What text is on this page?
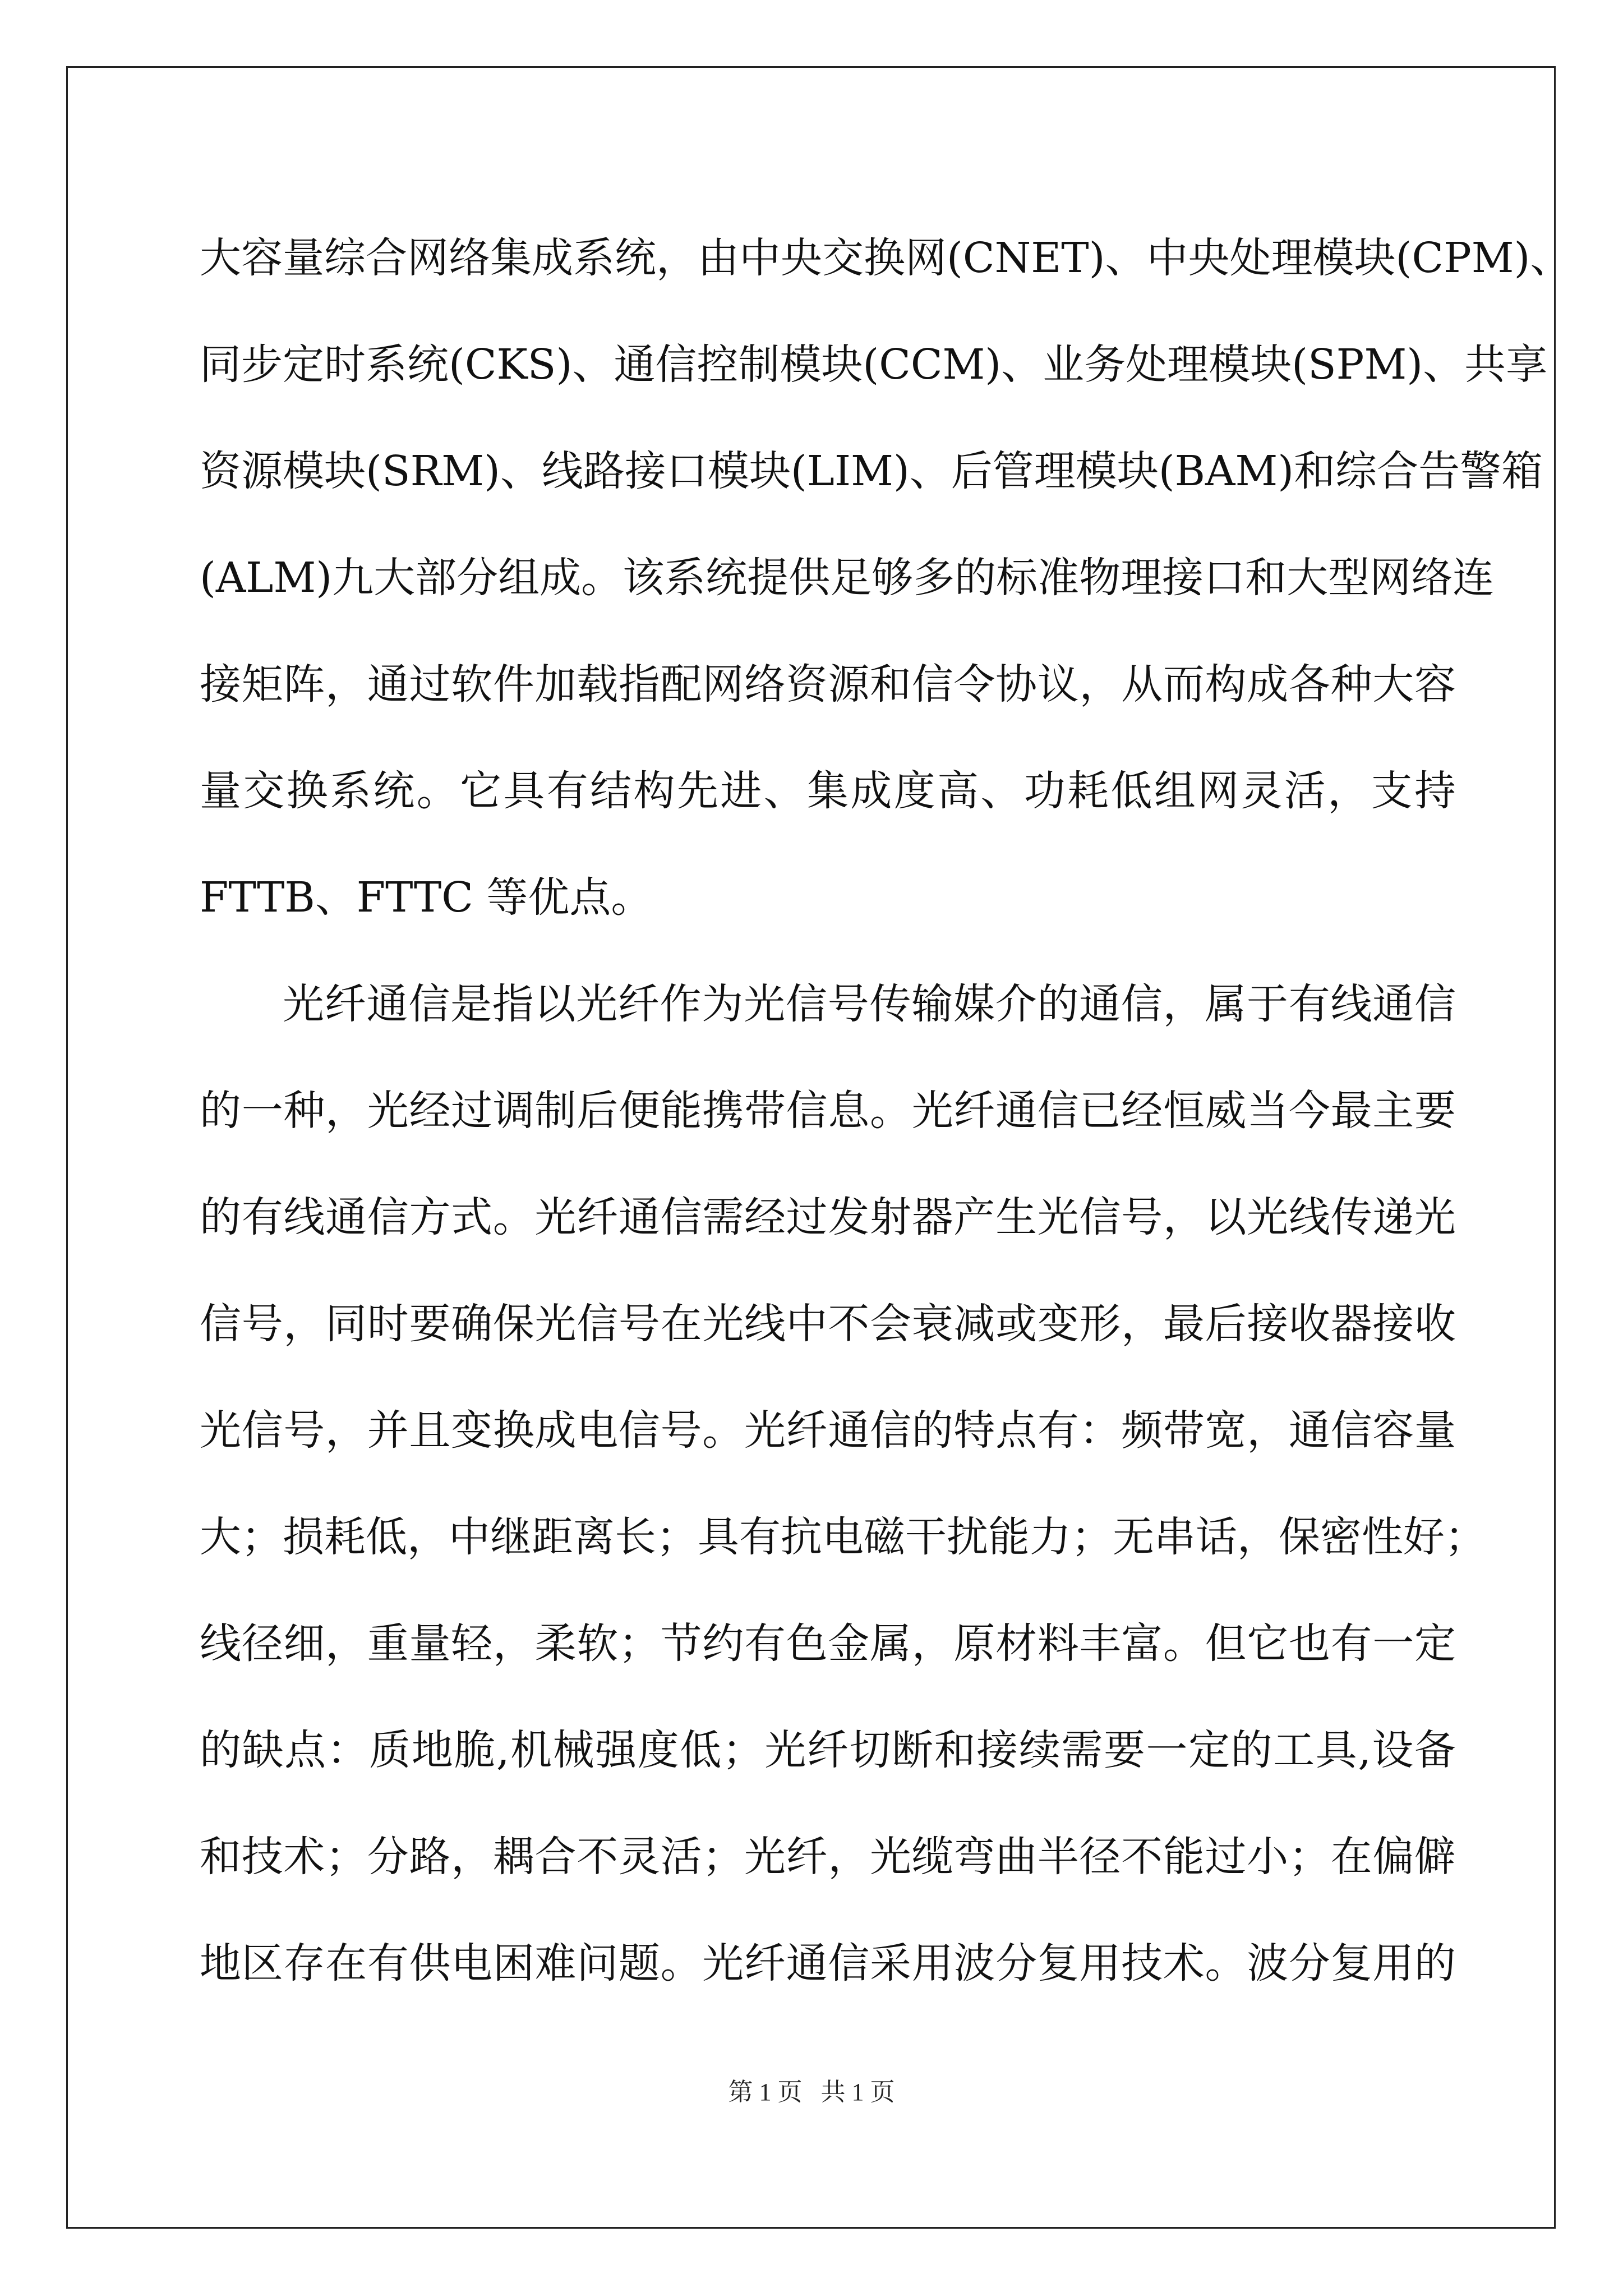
大容量综合网络集成系统，由中央交换网(CNET)、中央处理模块(CPM)、
同步定时系统(CKS)、通信控制模块(CCM)、业务处理模块(SPM)、共享
资源模块(SRM)、线路接口模块(LIM)、后管理模块(BAM)和综合告警箱
(ALM)九大部分组成。该系统提供足够多的标准物理接口和大型网络连
接矩阵，通过软件加载指配网络资源和信令协议，从而构成各种大容
量交换系统。它具有结构先进、集成度高、功耗低组网灵活，支持
FTTB、FTTC 等优点。
光纤通信是指以光纤作为光信号传输媒介的通信，属于有线通信
的一种，光经过调制后便能携带信息。光纤通信已经恒威当今最主要
的有线通信方式。光纤通信需经过发射器产生光信号，以光线传递光
信号，同时要确保光信号在光线中不会衰减或变形，最后接收器接收
光信号，并且变换成电信号。光纤通信的特点有：频带宽，通信容量
大；损耗低，中继距离长；具有抗电磁干扰能力；无串话，保密性好；
线径细，重量轻，柔软；节约有色金属，原材料丰富。但它也有一定
的缺点：质地脆,机械强度低；光纤切断和接续需要一定的工具,设备
和技术；分路，耦合不灵活；光纤，光缆弯曲半径不能过小；在偏僻
地区存在有供电困难问题。光纤通信采用波分复用技术。波分复用的
第 1 页   共 1 页
